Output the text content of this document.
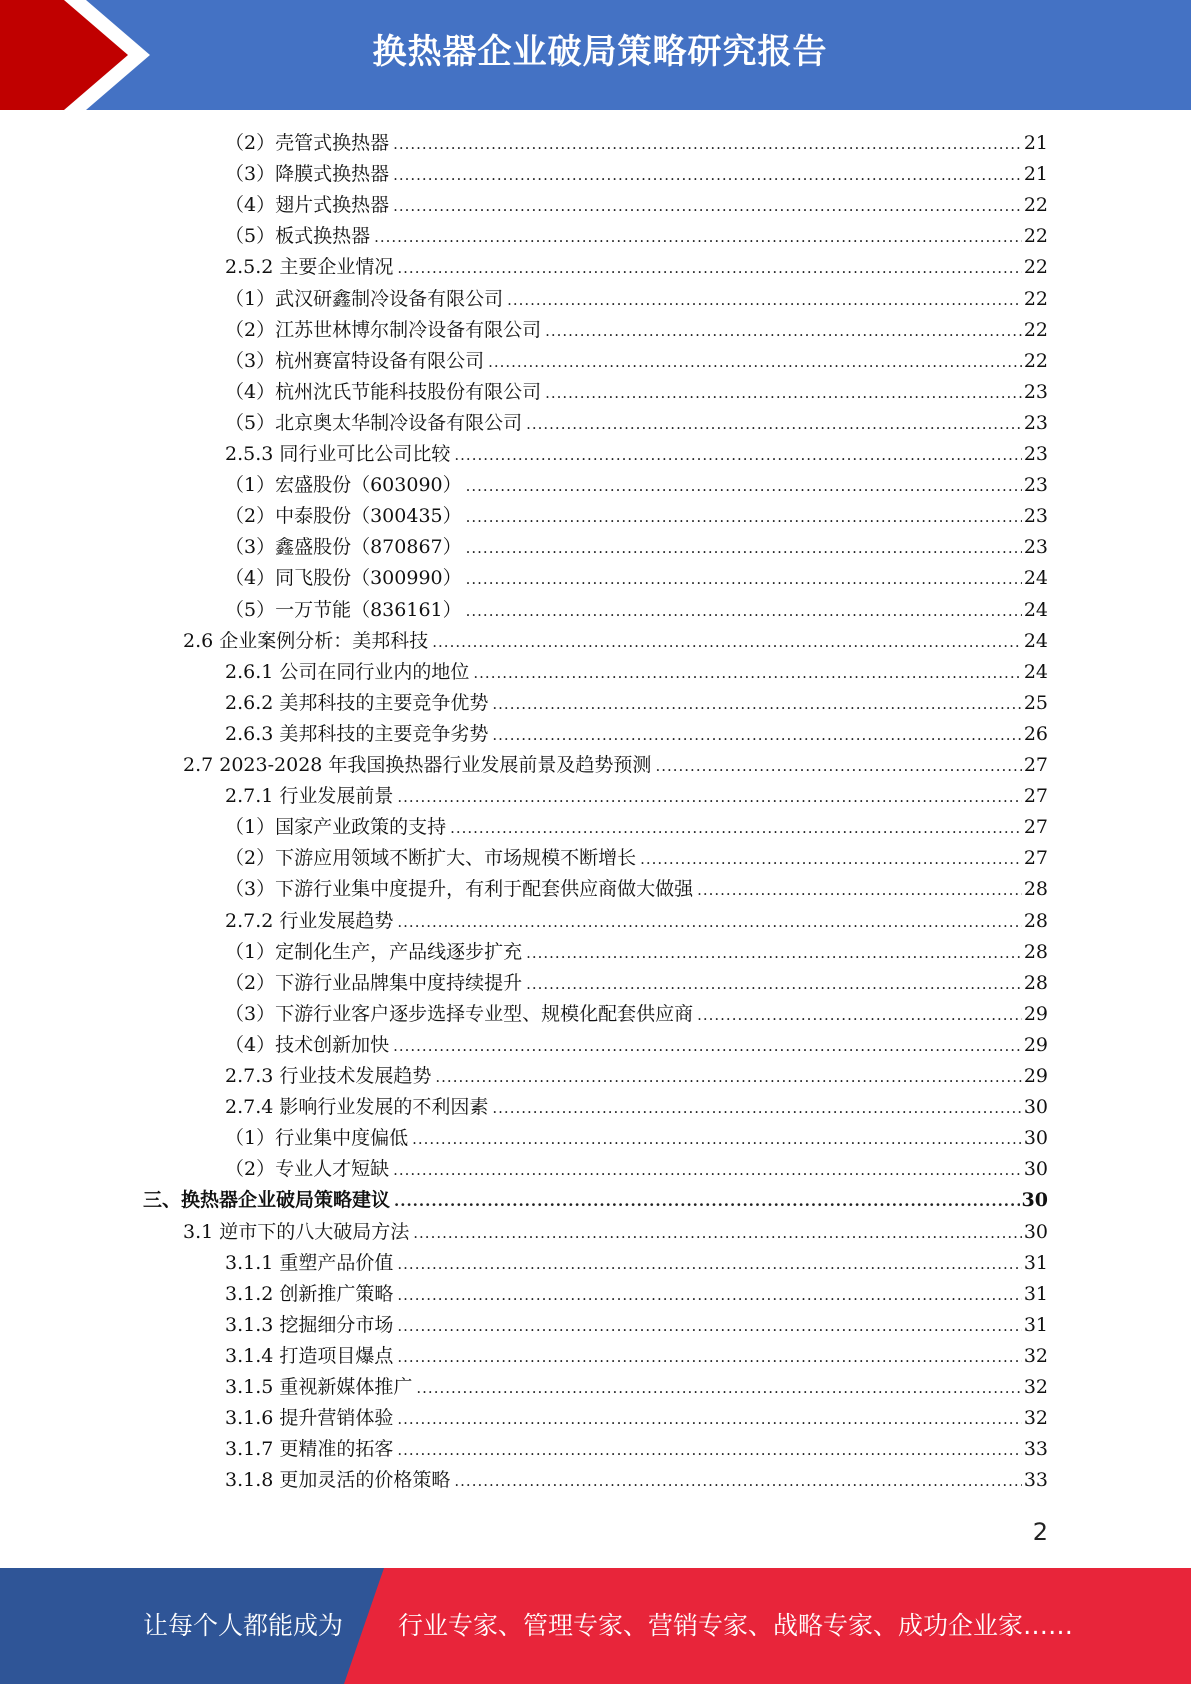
换热器企业破局策略研究报告
（2）壳管式换热器 .....	21
（3）降膜式换热器 .....	21
（4）翅片式换热器 .....	22
（5）板式换热器 .....	22
2.5.2 主要企业情况 .....	22
（1）武汉研鑫制冷设备有限公司 .....	22
（2）江苏世林博尔制冷设备有限公司 .....	22
（3）杭州赛富特设备有限公司 .....	22
（4）杭州沈氏节能科技股份有限公司 .....	23
（5）北京奥太华制冷设备有限公司 .....	23
2.5.3 同行业可比公司比较 .....	23
（1）宏盛股份（603090） .....	23
（2）中泰股份（300435） .....	23
（3）鑫盛股份（870867） .....	23
（4）同飞股份（300990） .....	24
（5）一万节能（836161） .....	24
2.6 企业案例分析：美邦科技 .....	24
2.6.1 公司在同行业内的地位 .....	24
2.6.2 美邦科技的主要竞争优势 .....	25
2.6.3 美邦科技的主要竞争劣势 .....	26
2.7 2023-2028 年我国换热器行业发展前景及趋势预测 .....	27
2.7.1 行业发展前景 .....	27
（1）国家产业政策的支持 .....	27
（2）下游应用领域不断扩大、市场规模不断增长 .....	27
（3）下游行业集中度提升，有利于配套供应商做大做强 .....	28
2.7.2 行业发展趋势 .....	28
（1）定制化生产，产品线逐步扩充 .....	28
（2）下游行业品牌集中度持续提升 .....	28
（3）下游行业客户逐步选择专业型、规模化配套供应商 .....	29
（4）技术创新加快 .....	29
2.7.3 行业技术发展趋势 .....	29
2.7.4 影响行业发展的不利因素 .....	30
（1）行业集中度偏低 .....	30
（2）专业人才短缺 .....	30
三、换热器企业破局策略建议 .....	30
3.1 逆市下的八大破局方法 .....	30
3.1.1 重塑产品价值 .....	31
3.1.2 创新推广策略 .....	31
3.1.3 挖掘细分市场 .....	31
3.1.4 打造项目爆点 .....	32
3.1.5 重视新媒体推广 .....	32
3.1.6 提升营销体验 .....	32
3.1.7 更精准的拓客 .....	33
3.1.8 更加灵活的价格策略 .....	33
2
让每个人都能成为 行业专家、管理专家、营销专家、战略专家、成功企业家……
